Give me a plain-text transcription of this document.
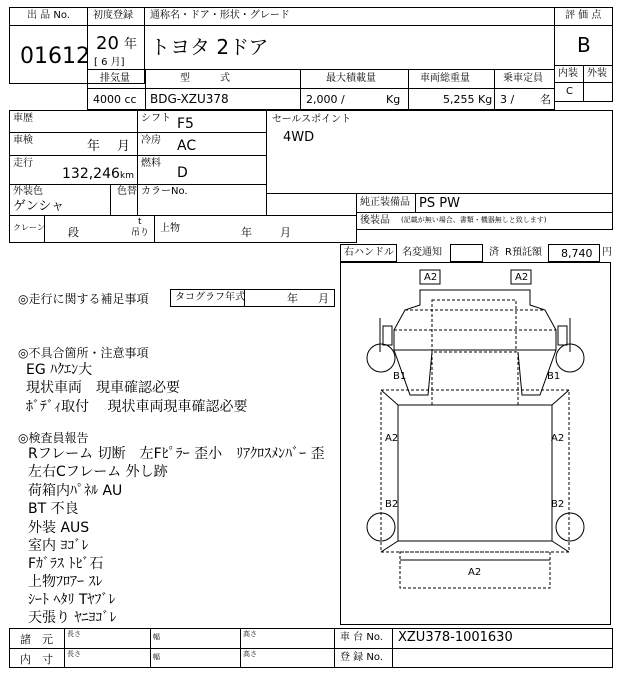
出 品 No.
01612
初度登録
20 年
[ 6 月]
通称名・ドア・形状・グレード
トヨタ 2ドア
評 価 点
B
内装 外装
C
排気量
4000 cc
型　　　式
BDG-XZU378
最大積載量
2,000 /	Kg
車両総重量
5,255 Kg
乗車定員
3 / 名
車歴	シフト F5
車検	年 月 冷房 AC
走行
132,246 km
燃料
D
外装色
ゲンシャ
色替 カラーNo.
セールスポイント
4WD
純正装備品 PS PW
後装品 (記載が無い場合、書類・機器無しと致します)
クレーン 段
t
吊り 上物	年	月
右ハンドル 名変通知	済 R預託額 8,740 円
◎走行に関する補足事項	タコグラフ年式	年 月
◎不具合箇所・注意事項
EG ﾊｸｴﾝ大
現状車両　現車確認必要
ﾎﾞﾃﾞｨ取付　 現状車両現車確認必要
◎検査員報告
Rフレーム 切断　左Fﾋﾟﾗｰ 歪小　ﾘｱｸﾛｽﾒﾝﾊﾞｰ 歪
左右Cフレーム 外し跡
荷箱内ﾊﾟﾈﾙ AU
BT 不良
外装 AUS
室内 ﾖｺﾞﾚ
Fｶﾞﾗｽ ﾄﾋﾞ石
上物ﾌﾛｱｰ ｽﾚ
ｼｰﾄ ﾍﾀﾘ Tﾔﾌﾞﾚ
天張り ﾔﾆﾖｺﾞﾚ
A2	A2
B1	B1
A2	A2
B2	B2
A2
諸　元 長さ	幅	高さ
内　寸 長さ	幅	高さ
車 台 No. XZU378-1001630
登 録 No.
